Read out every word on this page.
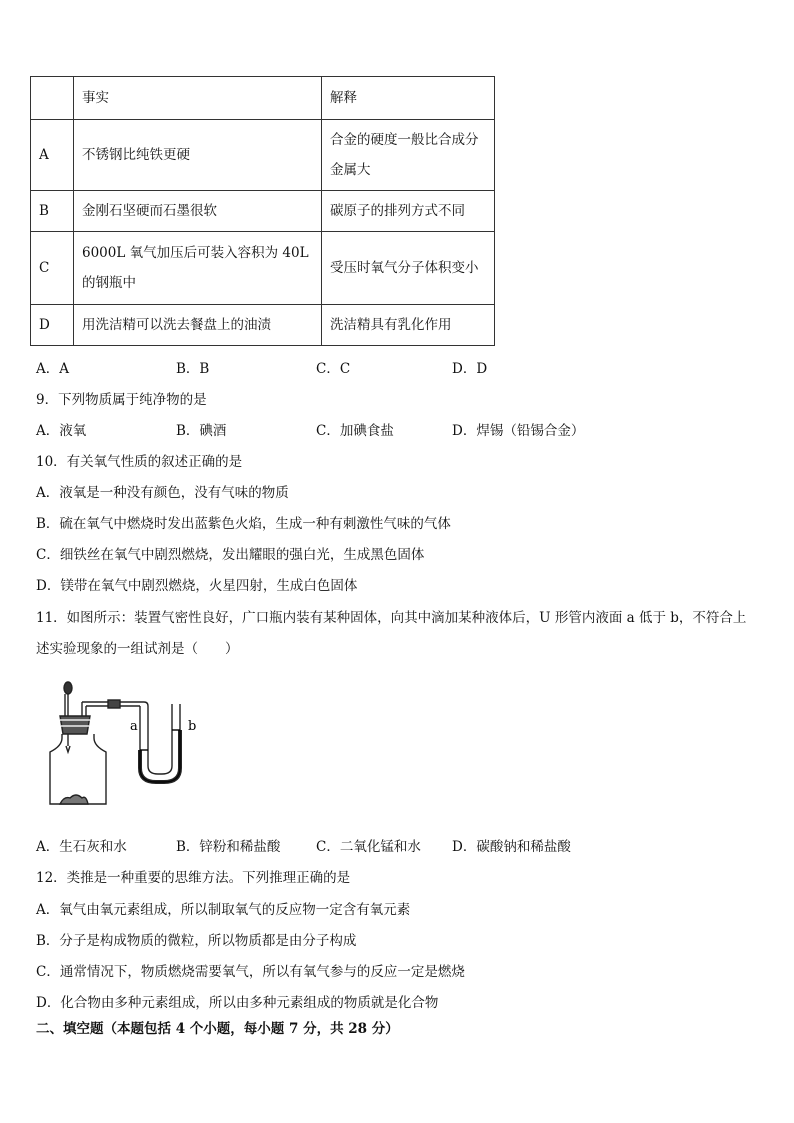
	事实	解释
A	不锈钢比纯铁更硬	合金的硬度一般比合成分
金属大

B	金刚石坚硬而石墨很软	碳原子的排列方式不同
C	6000L 氧气加压后可装入容积为 40L
的钢瓶中	受压时氧气分子体积变小
D	用洗洁精可以洗去餐盘上的油渍	洗洁精具有乳化作用
A．A	B．B	C．C	D．D
9．下列物质属于纯净物的是
A．液氧	B．碘酒	C．加碘食盐	D．焊锡（铅锡合金）
10．有关氧气性质的叙述正确的是
A．液氧是一种没有颜色，没有气味的物质
B．硫在氧气中燃烧时发出蓝紫色火焰，生成一种有刺激性气味的气体
C．细铁丝在氧气中剧烈燃烧，发出耀眼的强白光，生成黑色固体
D．镁带在氧气中剧烈燃烧，火星四射，生成白色固体
11．如图所示：装置气密性良好，广口瓶内装有某种固体，向其中滴加某种液体后，U 形管内液面 a 低于 b，不符合上
述实验现象的一组试剂是（　　）
a	b
A．生石灰和水	B．锌粉和稀盐酸	C．二氧化锰和水 D．碳酸钠和稀盐酸
12．类推是一种重要的思维方法。下列推理正确的是
A．氧气由氧元素组成，所以制取氧气的反应物一定含有氧元素
B．分子是构成物质的微粒，所以物质都是由分子构成
C．通常情况下，物质燃烧需要氧气，所以有氧气参与的反应一定是燃烧
D．化合物由多种元素组成，所以由多种元素组成的物质就是化合物
二、填空题（本题包括 4 个小题，每小题 7 分，共 28 分）
